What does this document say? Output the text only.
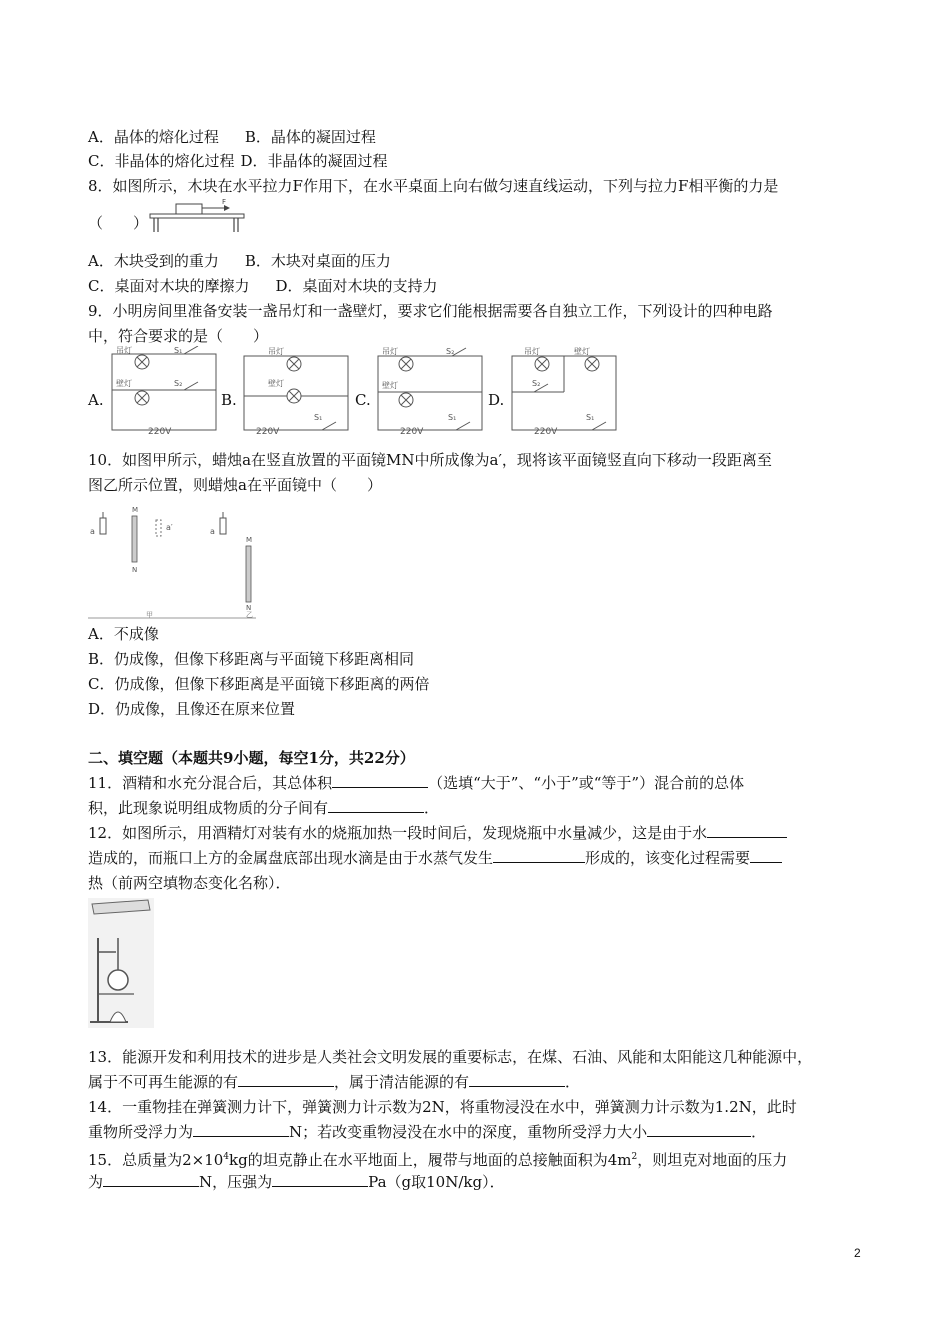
A．晶体的熔化过程 B．晶体的凝固过程
C．非晶体的熔化过程 D．非晶体的凝固过程
8．如图所示，木块在水平拉力F作用下，在水平桌面上向右做匀速直线运动，下列与拉力F相平衡的力是
（　　）
F
A．木块受到的重力 B．木块对桌面的压力
C．桌面对木块的摩擦力 D．桌面对木块的支持力
9．小明房间里准备安装一盏吊灯和一盏壁灯，要求它们能根据需要各自独立工作，下列设计的四种电路
中，符合要求的是（　　）
A.	B.	C.	D.
吊灯
壁灯
S₁
S₂
220V
吊灯
壁灯
S₁
220V
吊灯
壁灯
S₂
S₁
220V
吊灯	壁灯
S₂
S₁
220V
10．如图甲所示，蜡烛a在竖直放置的平面镜MN中所成像为a′，现将该平面镜竖直向下移动一段距离至
图乙所示位置，则蜡烛a在平面镜中（　　）
a
M
N
a′
甲
a
M
N
乙
A．不成像
B．仍成像，但像下移距离与平面镜下移距离相同
C．仍成像，但像下移距离是平面镜下移距离的两倍
D．仍成像，且像还在原来位置
二、填空题（本题共9小题，每空1分，共22分）
11．酒精和水充分混合后，其总体积	（选填“大于”、“小于”或“等于”）混合前的总体
积，此现象说明组成物质的分子间有	．
12．如图所示，用酒精灯对装有水的烧瓶加热一段时间后，发现烧瓶中水量减少，这是由于水
造成的，而瓶口上方的金属盘底部出现水滴是由于水蒸气发生	形成的，该变化过程需要
热（前两空填物态变化名称）．
13．能源开发和利用技术的进步是人类社会文明发展的重要标志，在煤、石油、风能和太阳能这几种能源中，
属于不可再生能源的有	，属于清洁能源的有	．
14．一重物挂在弹簧测力计下，弹簧测力计示数为2N，将重物浸没在水中，弹簧测力计示数为1.2N，此时
重物所受浮力为	N；若改变重物浸没在水中的深度，重物所受浮力大小	．
15．总质量为$2\times 10^4kg$的坦克静止在水平地面上，履带与地面的总接触面积为$4m^2$，则坦克对地面的压力
为	N，压强为	Pa（g取10N/kg）．
2
